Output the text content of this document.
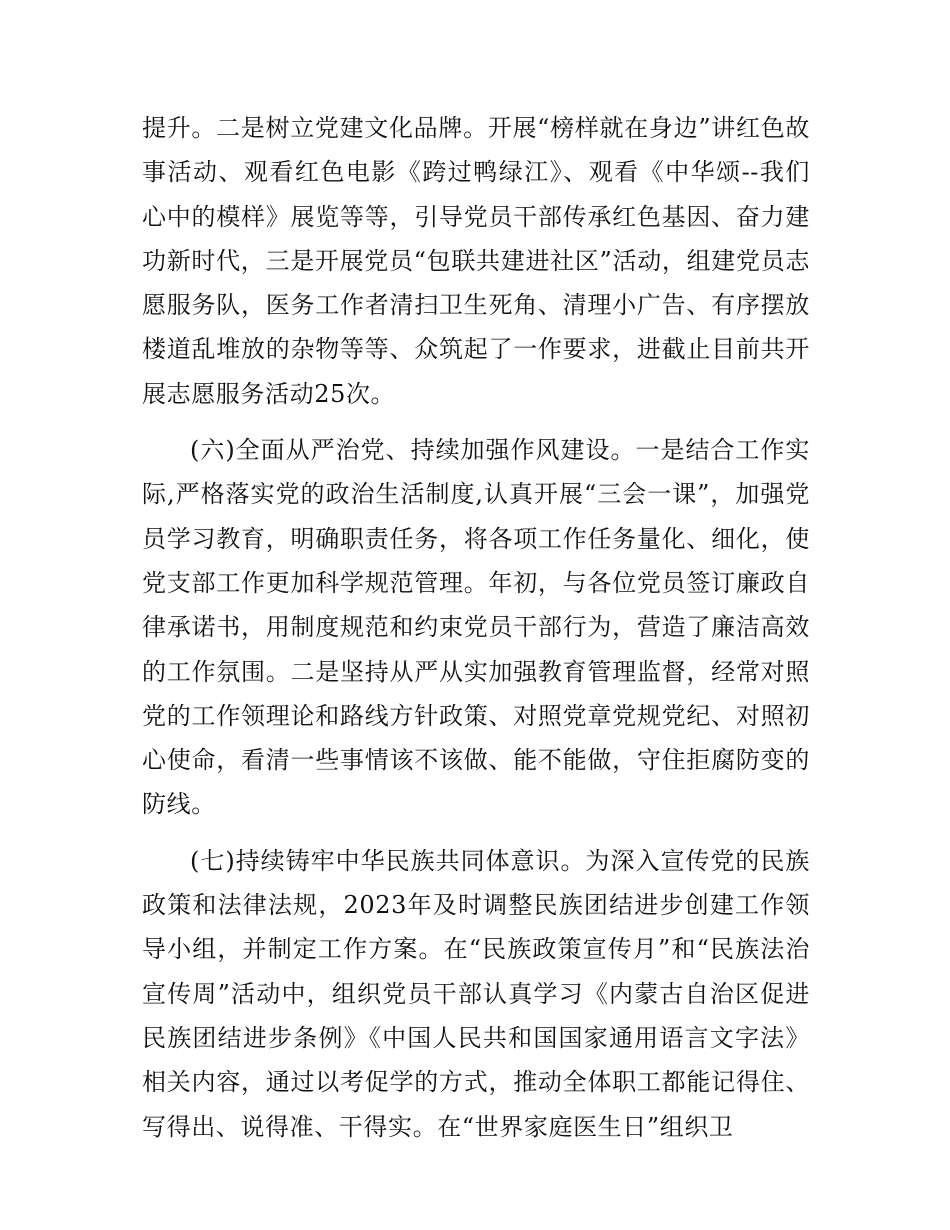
提升。二是树立党建文化品牌。开展“榜样就在身边”讲红色故事活动、观看红色电影《跨过鸭绿江》、观看《中华颂--我们心中的模样》展览等等，引导党员干部传承红色基因、奋力建功新时代，三是开展党员“包联共建进社区”活动，组建党员志愿服务队，医务工作者清扫卫生死角、清理小广告、有序摆放楼道乱堆放的杂物等等、众筑起了一作要求，进截止目前共开展志愿服务活动25次。

(六)全面从严治党、持续加强作风建设。一是结合工作实际,严格落实党的政治生活制度,认真开展“三会一课”，加强党员学习教育，明确职责任务，将各项工作任务量化、细化，使党支部工作更加科学规范管理。年初，与各位党员签订廉政自律承诺书，用制度规范和约束党员干部行为，营造了廉洁高效的工作氛围。二是坚持从严从实加强教育管理监督，经常对照党的工作领理论和路线方针政策、对照党章党规党纪、对照初心使命，看清一些事情该不该做、能不能做，守住拒腐防变的防线。

(七)持续铸牢中华民族共同体意识。为深入宣传党的民族政策和法律法规，2023年及时调整民族团结进步创建工作领导小组，并制定工作方案。在“民族政策宣传月”和“民族法治宣传周”活动中，组织党员干部认真学习《内蒙古自治区促进民族团结进步条例》《中国人民共和国国家通用语言文字法》相关内容，通过以考促学的方式，推动全体职工都能记得住、写得出、说得准、干得实。在“世界家庭医生日”组织卫
